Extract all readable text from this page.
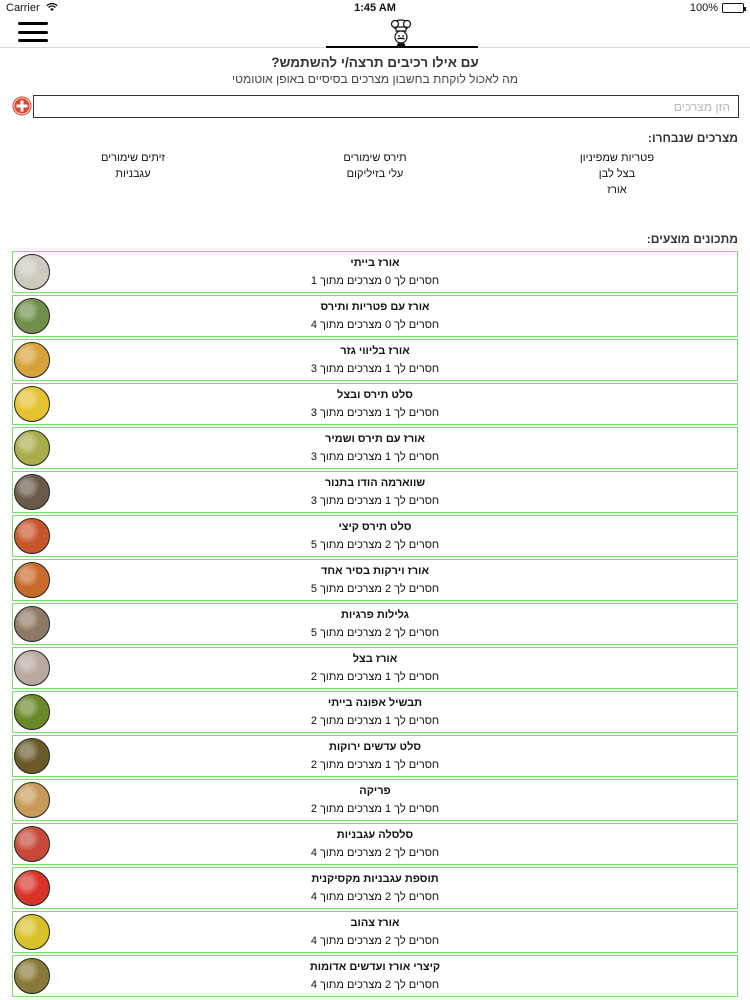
Carrier	1:45 AM	100%
עם אילו רכיבים תרצה/י להשתמש?
מה לאכול לוקחת בחשבון מצרכים בסיסיים באופן אוטומטי
הזן מצרכים
מצרכים שנבחרו:
פטריות שמפיניון
בצל לבן
אורז
תירס שימורים
עלי בזיליקום
זיתים שימורים
עגבניות
מתכונים מוצעים:
אורז בייתי
חסרים לך 0 מצרכים מתוך 1
אורז עם פטריות ותירס
חסרים לך 0 מצרכים מתוך 4
אורז בליווי גזר
חסרים לך 1 מצרכים מתוך 3
סלט תירס ובצל
חסרים לך 1 מצרכים מתוך 3
אורז עם תירס ושמיר
חסרים לך 1 מצרכים מתוך 3
שווארמה הודו בתנור
חסרים לך 1 מצרכים מתוך 3
סלט תירס קיצי
חסרים לך 2 מצרכים מתוך 5
אורז וירקות בסיר אחד
חסרים לך 2 מצרכים מתוך 5
גלילות פרגיות
חסרים לך 2 מצרכים מתוך 5
אורז בצל
חסרים לך 1 מצרכים מתוך 2
תבשיל אפונה בייתי
חסרים לך 1 מצרכים מתוך 2
סלט עדשים ירוקות
חסרים לך 1 מצרכים מתוך 2
פריקה
חסרים לך 1 מצרכים מתוך 2
סלסלה עגבניות
חסרים לך 2 מצרכים מתוך 4
תוספת עגבניות מקסיקנית
חסרים לך 2 מצרכים מתוך 4
אורז צהוב
חסרים לך 2 מצרכים מתוך 4
קיצרי אורז ועדשים אדומות
חסרים לך 2 מצרכים מתוך 4
